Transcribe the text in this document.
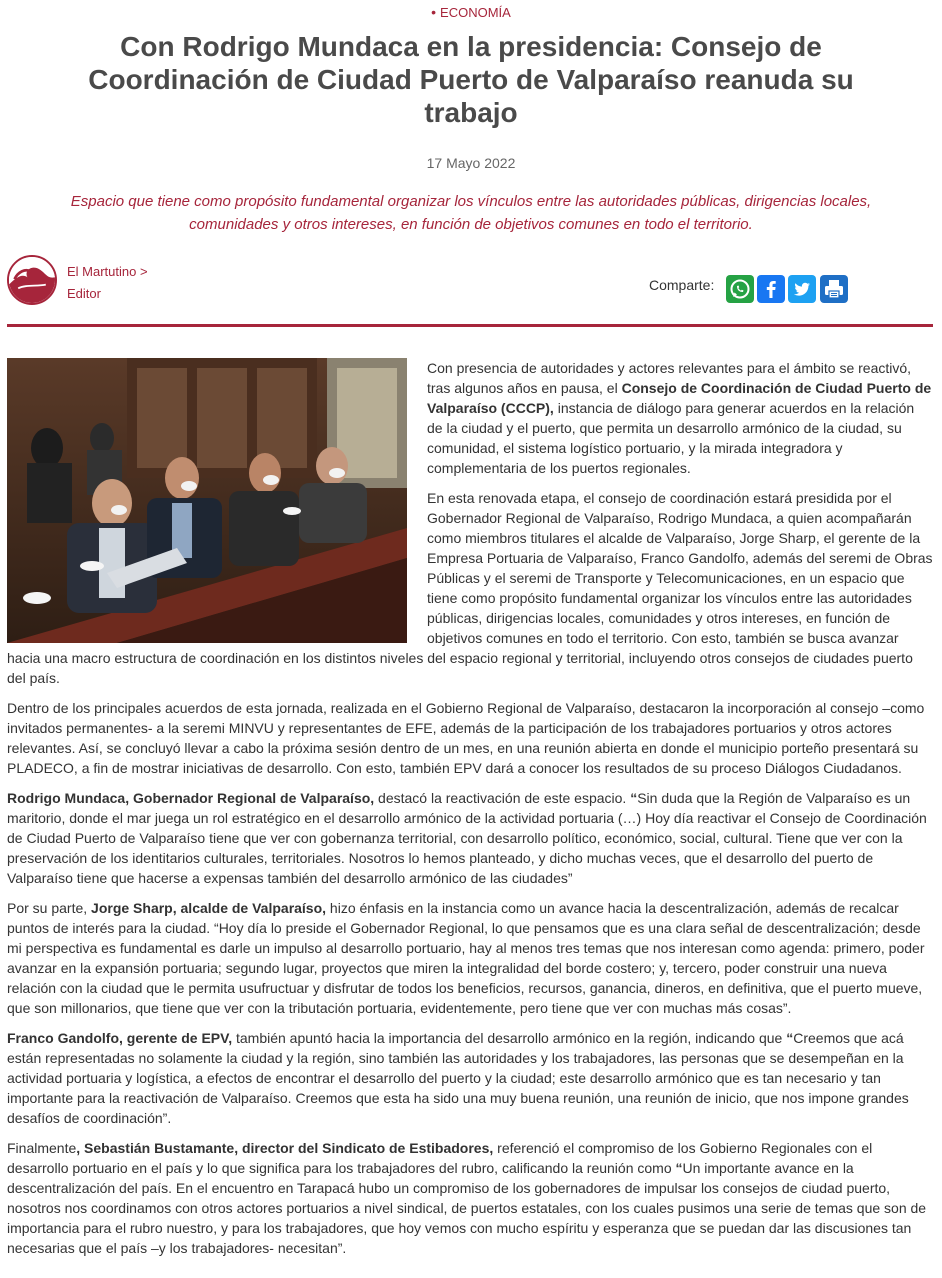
• ECONOMÍA
Con Rodrigo Mundaca en la presidencia: Consejo de Coordinación de Ciudad Puerto de Valparaíso reanuda su trabajo
17 Mayo 2022
Espacio que tiene como propósito fundamental organizar los vínculos entre las autoridades públicas, dirigencias locales, comunidades y otros intereses, en función de objetivos comunes en todo el territorio.
El Martutino >
Editor
Comparte:

Con presencia de autoridades y actores relevantes para el ámbito se reactivó, tras algunos años en pausa, el Consejo de Coordinación de Ciudad Puerto de Valparaíso (CCCP), instancia de diálogo para generar acuerdos en la relación de la ciudad y el puerto, que permita un desarrollo armónico de la ciudad, su comunidad, el sistema logístico portuario, y la mirada integradora y complementaria de los puertos regionales.

En esta renovada etapa, el consejo de coordinación estará presidida por el Gobernador Regional de Valparaíso, Rodrigo Mundaca, a quien acompañarán como miembros titulares el alcalde de Valparaíso, Jorge Sharp, el gerente de la Empresa Portuaria de Valparaíso, Franco Gandolfo, además del seremi de Obras Públicas y el seremi de Transporte y Telecomunicaciones, en un espacio que tiene como propósito fundamental organizar los vínculos entre las autoridades públicas, dirigencias locales, comunidades y otros intereses, en función de objetivos comunes en todo el territorio. Con esto, también se busca avanzar hacia una macro estructura de coordinación en los distintos niveles del espacio regional y territorial, incluyendo otros consejos de ciudades puerto del país.

Dentro de los principales acuerdos de esta jornada, realizada en el Gobierno Regional de Valparaíso, destacaron la incorporación al consejo –como invitados permanentes- a la seremi MINVU y representantes de EFE, además de la participación de los trabajadores portuarios y otros actores relevantes. Así, se concluyó llevar a cabo la próxima sesión dentro de un mes, en una reunión abierta en donde el municipio porteño presentará su PLADECO, a fin de mostrar iniciativas de desarrollo. Con esto, también EPV dará a conocer los resultados de su proceso Diálogos Ciudadanos.

Rodrigo Mundaca, Gobernador Regional de Valparaíso, destacó la reactivación de este espacio. “Sin duda que la Región de Valparaíso es un maritorio, donde el mar juega un rol estratégico en el desarrollo armónico de la actividad portuaria (…) Hoy día reactivar el Consejo de Coordinación de Ciudad Puerto de Valparaíso tiene que ver con gobernanza territorial, con desarrollo político, económico, social, cultural. Tiene que ver con la preservación de los identitarios culturales, territoriales. Nosotros lo hemos planteado, y dicho muchas veces, que el desarrollo del puerto de Valparaíso tiene que hacerse a expensas también del desarrollo armónico de las ciudades”

Por su parte, Jorge Sharp, alcalde de Valparaíso, hizo énfasis en la instancia como un avance hacia la descentralización, además de recalcar puntos de interés para la ciudad. “Hoy día lo preside el Gobernador Regional, lo que pensamos que es una clara señal de descentralización; desde mi perspectiva es fundamental es darle un impulso al desarrollo portuario, hay al menos tres temas que nos interesan como agenda: primero, poder avanzar en la expansión portuaria; segundo lugar, proyectos que miren la integralidad del borde costero; y, tercero, poder construir una nueva relación con la ciudad que le permita usufructuar y disfrutar de todos los beneficios, recursos, ganancia, dineros, en definitiva, que el puerto mueve, que son millonarios, que tiene que ver con la tributación portuaria, evidentemente, pero tiene que ver con muchas más cosas”.

Franco Gandolfo, gerente de EPV, también apuntó hacia la importancia del desarrollo armónico en la región, indicando que “Creemos que acá están representadas no solamente la ciudad y la región, sino también las autoridades y los trabajadores, las personas que se desempeñan en la actividad portuaria y logística, a efectos de encontrar el desarrollo del puerto y la ciudad; este desarrollo armónico que es tan necesario y tan importante para la reactivación de Valparaíso. Creemos que esta ha sido una muy buena reunión, una reunión de inicio, que nos impone grandes desafíos de coordinación”.

Finalmente, Sebastián Bustamante, director del Sindicato de Estibadores, referenció el compromiso de los Gobierno Regionales con el desarrollo portuario en el país y lo que significa para los trabajadores del rubro, calificando la reunión como “Un importante avance en la descentralización del país. En el encuentro en Tarapacá hubo un compromiso de los gobernadores de impulsar los consejos de ciudad puerto, nosotros nos coordinamos con otros actores portuarios a nivel sindical, de puertos estatales, con los cuales pusimos una serie de temas que son de importancia para el rubro nuestro, y para los trabajadores, que hoy vemos con mucho espíritu y esperanza que se puedan dar las discusiones tan necesarias que el país –y los trabajadores- necesitan”.
